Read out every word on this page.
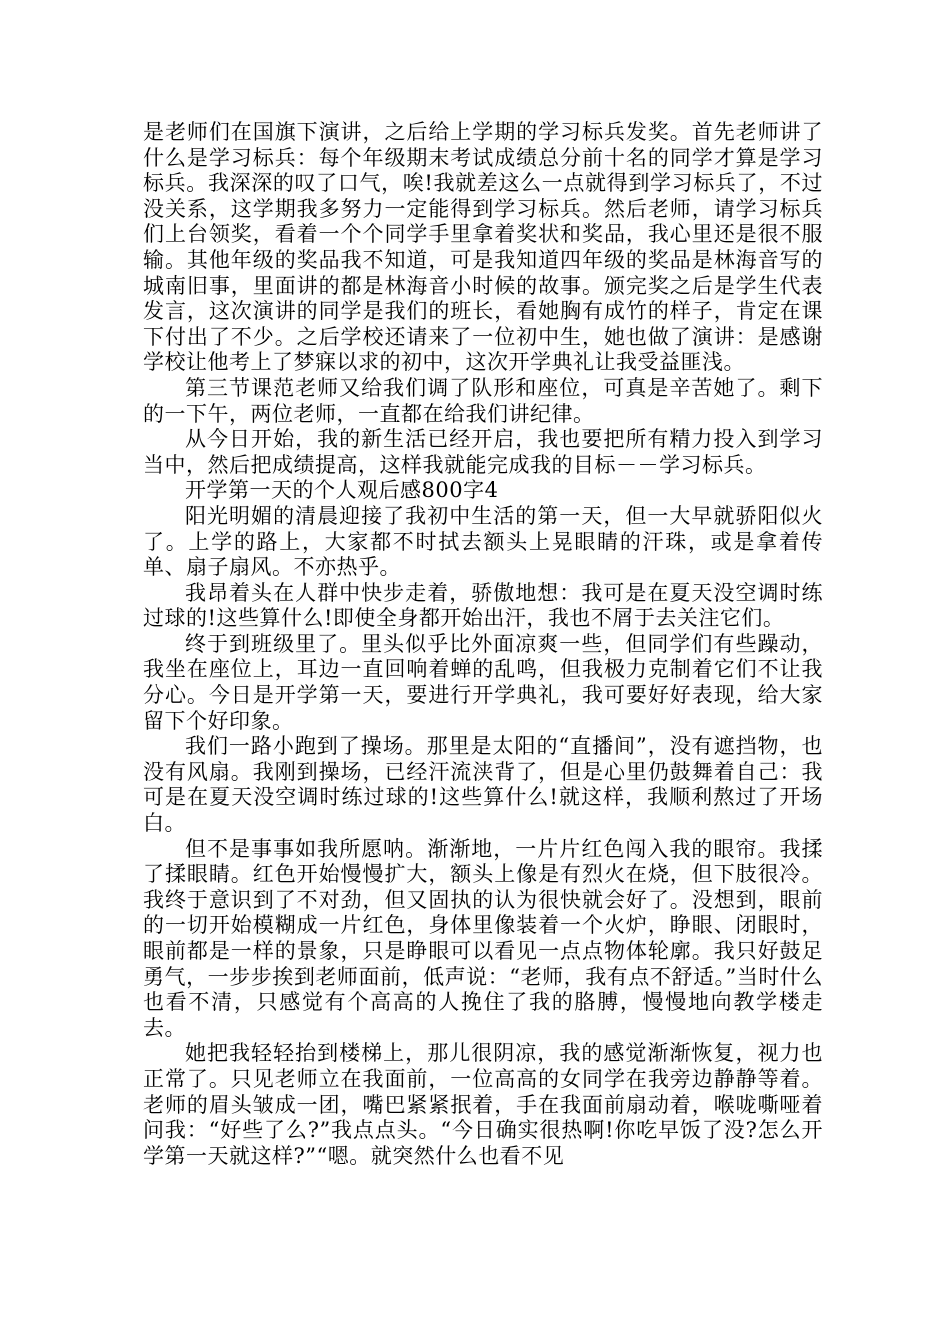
是老师们在国旗下演讲，之后给上学期的学习标兵发奖。首先老师讲了什么是学习标兵：每个年级期末考试成绩总分前十名的同学才算是学习标兵。我深深的叹了口气，唉!我就差这么一点就得到学习标兵了，不过没关系，这学期我多努力一定能得到学习标兵。然后老师，请学习标兵们上台领奖，看着一个个同学手里拿着奖状和奖品，我心里还是很不服输。其他年级的奖品我不知道，可是我知道四年级的奖品是林海音写的城南旧事，里面讲的都是林海音小时候的故事。颁完奖之后是学生代表发言，这次演讲的同学是我们的班长，看她胸有成竹的样子，肯定在课下付出了不少。之后学校还请来了一位初中生，她也做了演讲：是感谢学校让他考上了梦寐以求的初中，这次开学典礼让我受益匪浅。

第三节课范老师又给我们调了队形和座位，可真是辛苦她了。剩下的一下午，两位老师，一直都在给我们讲纪律。

从今日开始，我的新生活已经开启，我也要把所有精力投入到学习当中，然后把成绩提高，这样我就能完成我的目标－－学习标兵。

开学第一天的个人观后感800字4

阳光明媚的清晨迎接了我初中生活的第一天，但一大早就骄阳似火了。上学的路上，大家都不时拭去额头上晃眼睛的汗珠，或是拿着传单、扇子扇风。不亦热乎。

我昂着头在人群中快步走着，骄傲地想：我可是在夏天没空调时练过球的!这些算什么!即使全身都开始出汗，我也不屑于去关注它们。

终于到班级里了。里头似乎比外面凉爽一些，但同学们有些躁动，我坐在座位上，耳边一直回响着蝉的乱鸣，但我极力克制着它们不让我分心。今日是开学第一天，要进行开学典礼，我可要好好表现，给大家留下个好印象。

我们一路小跑到了操场。那里是太阳的“直播间”，没有遮挡物，也没有风扇。我刚到操场，已经汗流浃背了，但是心里仍鼓舞着自己：我可是在夏天没空调时练过球的!这些算什么!就这样，我顺利熬过了开场白。

但不是事事如我所愿呐。渐渐地，一片片红色闯入我的眼帘。我揉了揉眼睛。红色开始慢慢扩大，额头上像是有烈火在烧，但下肢很冷。我终于意识到了不对劲，但又固执的认为很快就会好了。没想到，眼前的一切开始模糊成一片红色，身体里像装着一个火炉，睁眼、闭眼时，眼前都是一样的景象，只是睁眼可以看见一点点物体轮廓。我只好鼓足勇气，一步步挨到老师面前，低声说：“老师，我有点不舒适。”当时什么也看不清，只感觉有个高高的人挽住了我的胳膊，慢慢地向教学楼走去。

她把我轻轻抬到楼梯上，那儿很阴凉，我的感觉渐渐恢复，视力也正常了。只见老师立在我面前，一位高高的女同学在我旁边静静等着。老师的眉头皱成一团，嘴巴紧紧抿着，手在我面前扇动着，喉咙嘶哑着问我：“好些了么?”我点点头。“今日确实很热啊!你吃早饭了没?怎么开学第一天就这样?”“嗯。就突然什么也看不见
